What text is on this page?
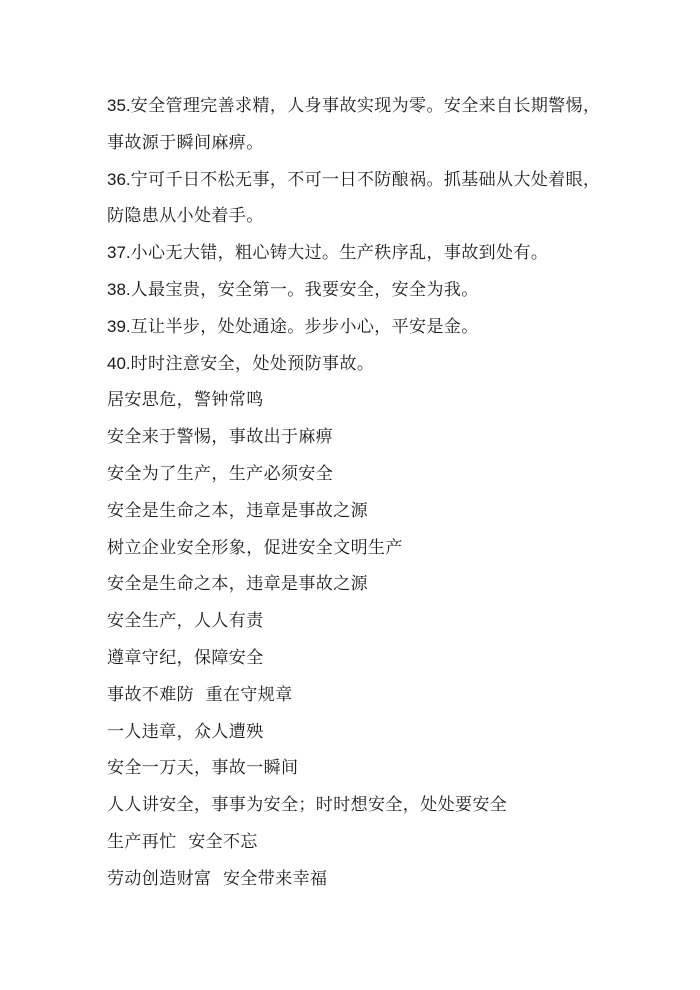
35.安全管理完善求精，人身事故实现为零。安全来自长期警惕，
事故源于瞬间麻痹。
36.宁可千日不松无事，不可一日不防酿祸。抓基础从大处着眼，
防隐患从小处着手。
37.小心无大错，粗心铸大过。生产秩序乱，事故到处有。
38.人最宝贵，安全第一。我要安全，安全为我。
39.互让半步，处处通途。步步小心，平安是金。
40.时时注意安全，处处预防事故。
居安思危，警钟常鸣
安全来于警惕，事故出于麻痹
安全为了生产，生产必须安全
安全是生命之本，违章是事故之源
树立企业安全形象，促进安全文明生产
安全是生命之本，违章是事故之源
安全生产，人人有责
遵章守纪，保障安全
事故不难防  重在守规章
一人违章，众人遭殃
安全一万天，事故一瞬间
人人讲安全，事事为安全；时时想安全，处处要安全
生产再忙  安全不忘
劳动创造财富  安全带来幸福
